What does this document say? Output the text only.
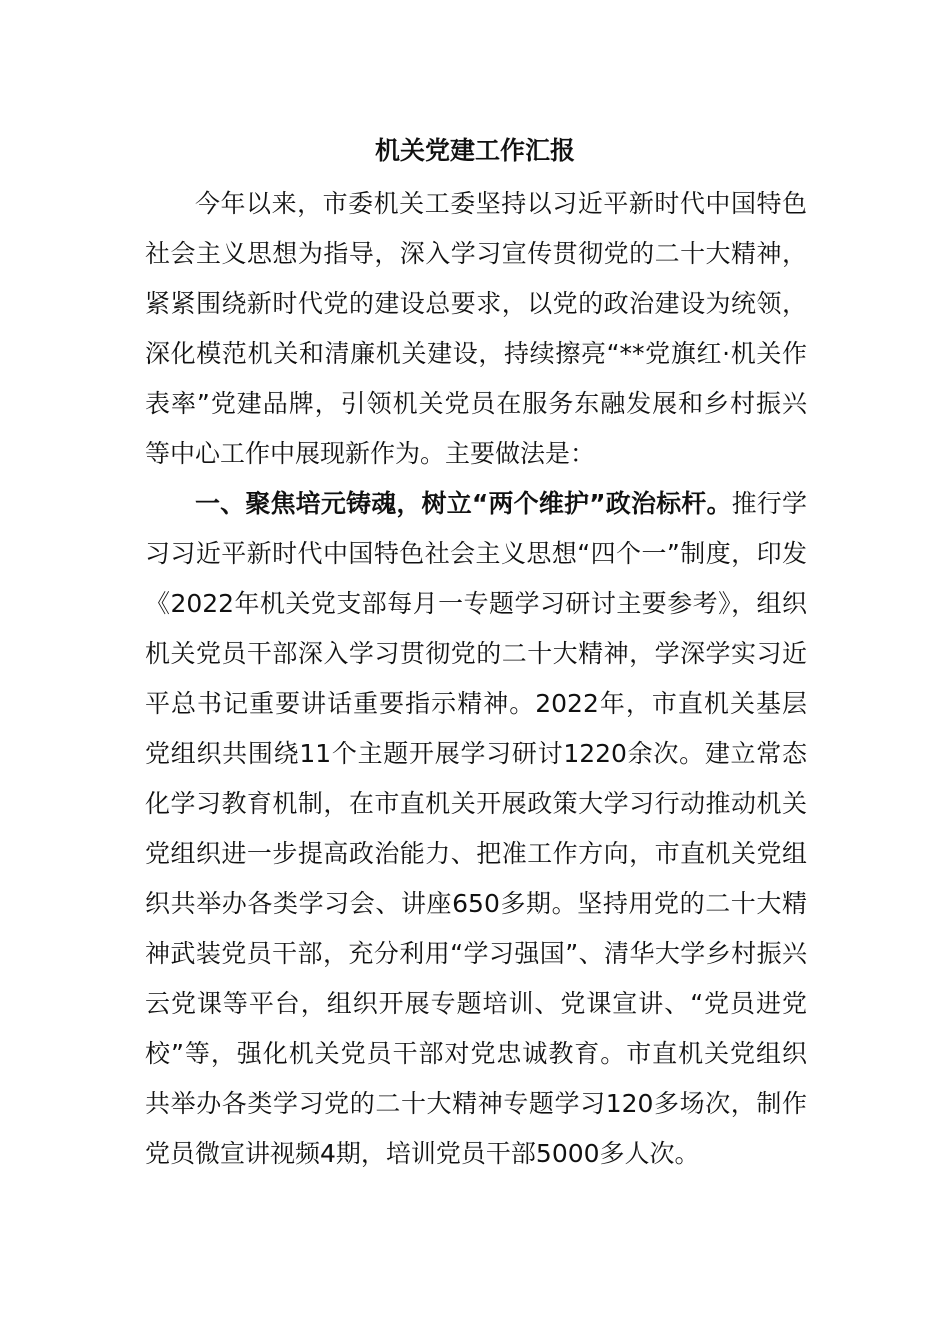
机关党建工作汇报

今年以来，市委机关工委坚持以习近平新时代中国特色社会主义思想为指导，深入学习宣传贯彻党的二十大精神，紧紧围绕新时代党的建设总要求，以党的政治建设为统领，深化模范机关和清廉机关建设，持续擦亮“**党旗红·机关作表率”党建品牌，引领机关党员在服务东融发展和乡村振兴等中心工作中展现新作为。主要做法是：

一、聚焦培元铸魂，树立“两个维护”政治标杆。推行学习习近平新时代中国特色社会主义思想“四个一”制度，印发《2022年机关党支部每月一专题学习研讨主要参考》，组织机关党员干部深入学习贯彻党的二十大精神，学深学实习近平总书记重要讲话重要指示精神。2022年，市直机关基层党组织共围绕11个主题开展学习研讨1220余次。建立常态化学习教育机制，在市直机关开展政策大学习行动推动机关党组织进一步提高政治能力、把准工作方向，市直机关党组织共举办各类学习会、讲座650多期。坚持用党的二十大精神武装党员干部，充分利用“学习强国”、清华大学乡村振兴云党课等平台，组织开展专题培训、党课宣讲、“党员进党校”等，强化机关党员干部对党忠诚教育。市直机关党组织共举办各类学习党的二十大精神专题学习120多场次，制作党员微宣讲视频4期，培训党员干部5000多人次。
